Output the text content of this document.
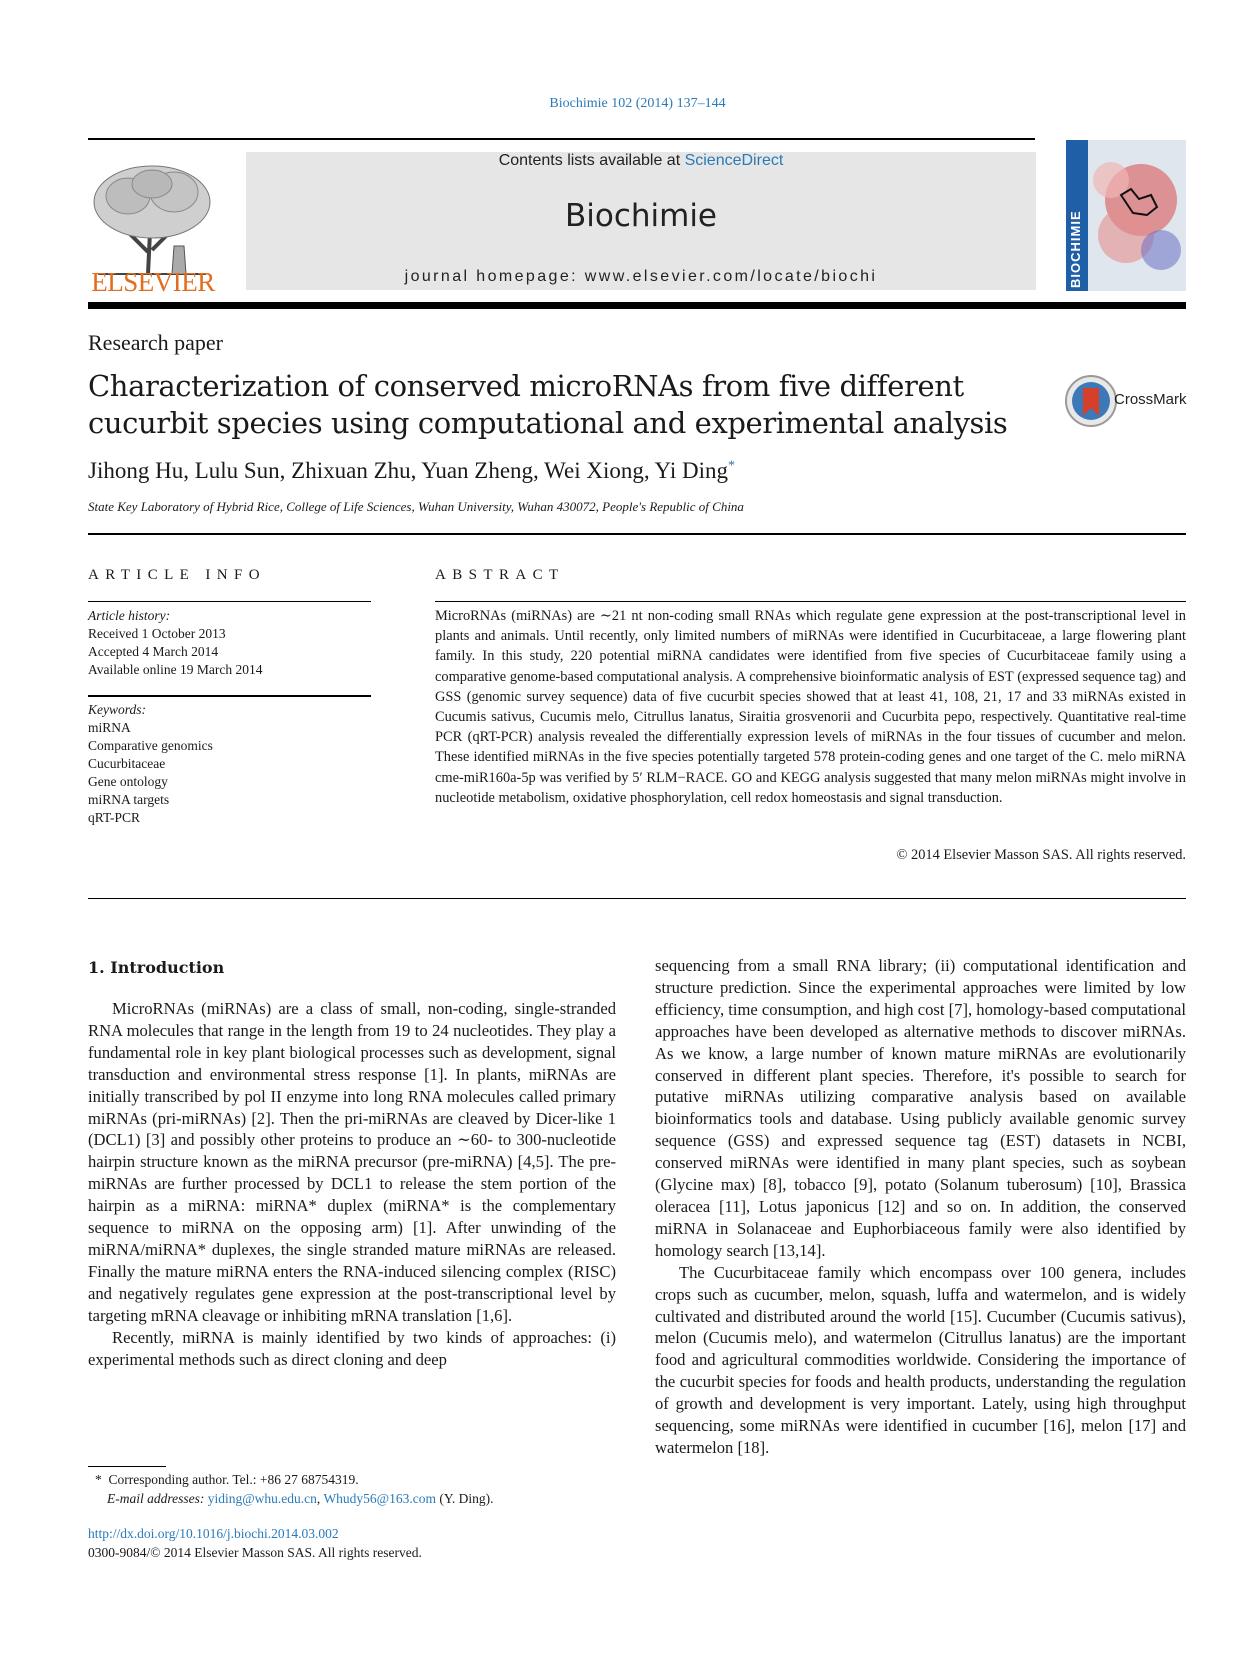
Biochimie 102 (2014) 137–144
ELSEVIER
Contents lists available at ScienceDirect
Biochimie
journal homepage: www.elsevier.com/locate/biochi	BIOCHIMIE
Research paper
Characterization of conserved microRNAs from five different cucurbit species using computational and experimental analysis
CrossMark
Jihong Hu, Lulu Sun, Zhixuan Zhu, Yuan Zheng, Wei Xiong, Yi Ding*
State Key Laboratory of Hybrid Rice, College of Life Sciences, Wuhan University, Wuhan 430072, People's Republic of China
ARTICLE INFO
Article history:
Received 1 October 2013
Accepted 4 March 2014
Available online 19 March 2014
Keywords:
miRNA
Comparative genomics
Cucurbitaceae
Gene ontology
miRNA targets
qRT-PCR
ABSTRACT
MicroRNAs (miRNAs) are ∼21 nt non-coding small RNAs which regulate gene expression at the post-transcriptional level in plants and animals. Until recently, only limited numbers of miRNAs were identified in Cucurbitaceae, a large flowering plant family. In this study, 220 potential miRNA candidates were identified from five species of Cucurbitaceae family using a comparative genome-based computational analysis. A comprehensive bioinformatic analysis of EST (expressed sequence tag) and GSS (genomic survey sequence) data of five cucurbit species showed that at least 41, 108, 21, 17 and 33 miRNAs existed in Cucumis sativus, Cucumis melo, Citrullus lanatus, Siraitia grosvenorii and Cucurbita pepo, respectively. Quantitative real-time PCR (qRT-PCR) analysis revealed the differentially expression levels of miRNAs in the four tissues of cucumber and melon. These identified miRNAs in the five species potentially targeted 578 protein-coding genes and one target of the C. melo miRNA cme-miR160a-5p was verified by 5′ RLM−RACE. GO and KEGG analysis suggested that many melon miRNAs might involve in nucleotide metabolism, oxidative phosphorylation, cell redox homeostasis and signal transduction.
© 2014 Elsevier Masson SAS. All rights reserved.
1. Introduction

MicroRNAs (miRNAs) are a class of small, non-coding, single-stranded RNA molecules that range in the length from 19 to 24 nucleotides. They play a fundamental role in key plant biological processes such as development, signal transduction and environmental stress response [1]. In plants, miRNAs are initially transcribed by pol II enzyme into long RNA molecules called primary miRNAs (pri-miRNAs) [2]. Then the pri-miRNAs are cleaved by Dicer-like 1 (DCL1) [3] and possibly other proteins to produce an ∼60- to 300-nucleotide hairpin structure known as the miRNA precursor (pre-miRNA) [4,5]. The pre-miRNAs are further processed by DCL1 to release the stem portion of the hairpin as a miRNA: miRNA* duplex (miRNA* is the complementary sequence to miRNA on the opposing arm) [1]. After unwinding of the miRNA/miRNA* duplexes, the single stranded mature miRNAs are released. Finally the mature miRNA enters the RNA-induced silencing complex (RISC) and negatively regulates gene expression at the post-transcriptional level by targeting mRNA cleavage or inhibiting mRNA translation [1,6].

Recently, miRNA is mainly identified by two kinds of approaches: (i) experimental methods such as direct cloning and deep

sequencing from a small RNA library; (ii) computational identification and structure prediction. Since the experimental approaches were limited by low efficiency, time consumption, and high cost [7], homology-based computational approaches have been developed as alternative methods to discover miRNAs. As we know, a large number of known mature miRNAs are evolutionarily conserved in different plant species. Therefore, it's possible to search for putative miRNAs utilizing comparative analysis based on available bioinformatics tools and database. Using publicly available genomic survey sequence (GSS) and expressed sequence tag (EST) datasets in NCBI, conserved miRNAs were identified in many plant species, such as soybean (Glycine max) [8], tobacco [9], potato (Solanum tuberosum) [10], Brassica oleracea [11], Lotus japonicus [12] and so on. In addition, the conserved miRNA in Solanaceae and Euphorbiaceous family were also identified by homology search [13,14].

The Cucurbitaceae family which encompass over 100 genera, includes crops such as cucumber, melon, squash, luffa and watermelon, and is widely cultivated and distributed around the world [15]. Cucumber (Cucumis sativus), melon (Cucumis melo), and watermelon (Citrullus lanatus) are the important food and agricultural commodities worldwide. Considering the importance of the cucurbit species for foods and health products, understanding the regulation of growth and development is very important. Lately, using high throughput sequencing, some miRNAs were identified in cucumber [16], melon [17] and watermelon [18].

* Corresponding author. Tel.: +86 27 68754319.
E-mail addresses: yiding@whu.edu.cn, Whudy56@163.com (Y. Ding).
http://dx.doi.org/10.1016/j.biochi.2014.03.002
0300-9084/© 2014 Elsevier Masson SAS. All rights reserved.
